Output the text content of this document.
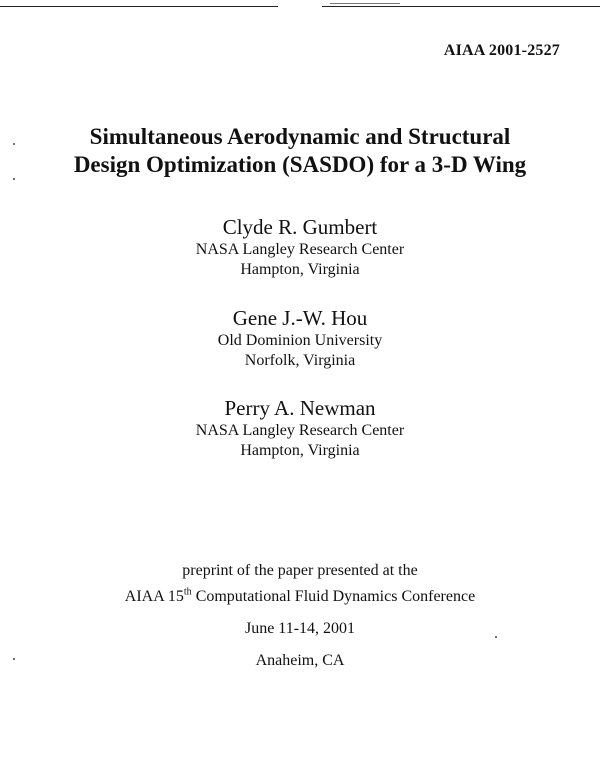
AIAA 2001-2527
Simultaneous Aerodynamic and Structural
Design Optimization (SASDO) for a 3-D Wing
Clyde R. Gumbert
NASA Langley Research Center
Hampton, Virginia
Gene J.-W. Hou
Old Dominion University
Norfolk, Virginia
Perry A. Newman
NASA Langley Research Center
Hampton, Virginia
preprint of the paper presented at the
AIAA 15th Computational Fluid Dynamics Conference
June 11-14, 2001
Anaheim, CA
